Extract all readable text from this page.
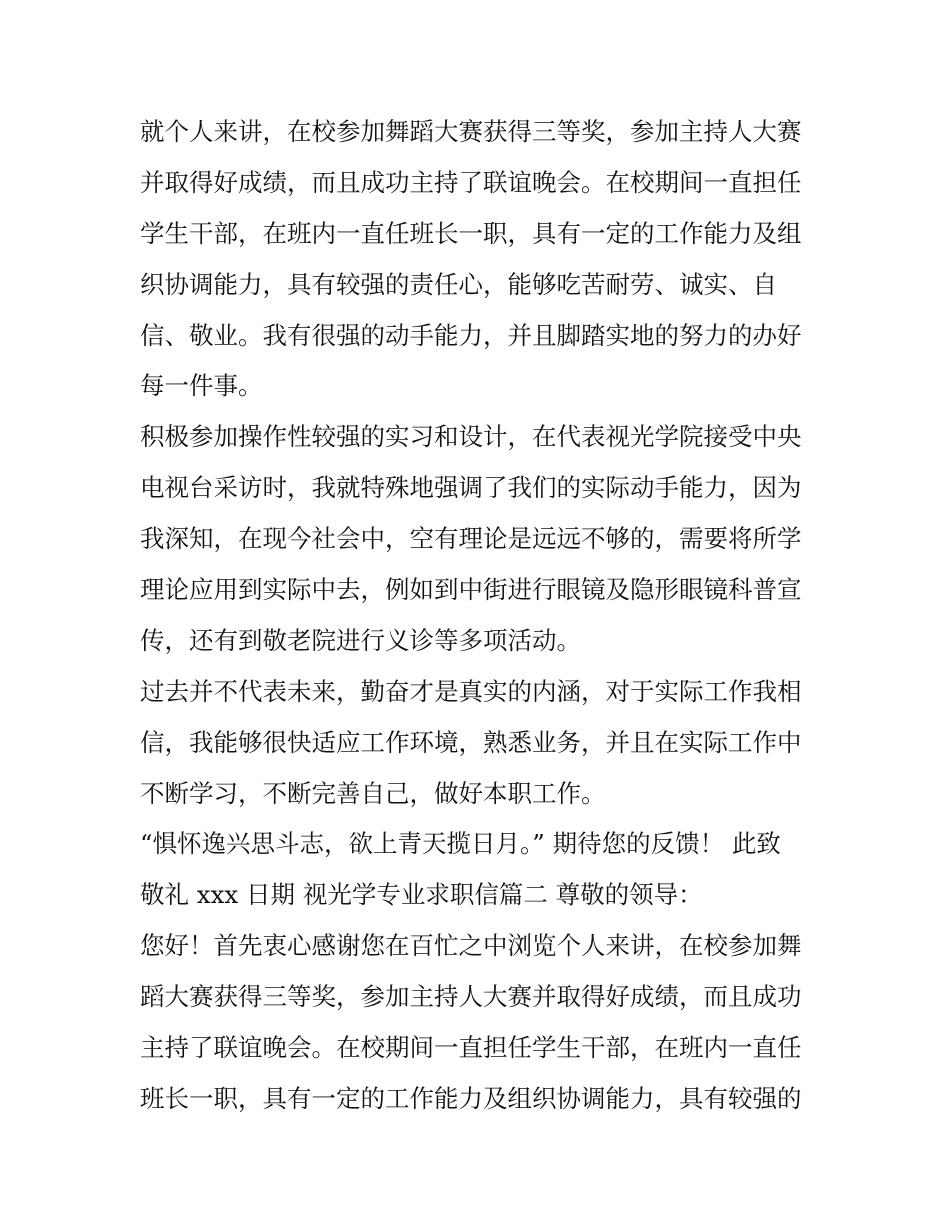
就个人来讲，在校参加舞蹈大赛获得三等奖，参加主持人大赛
并取得好成绩，而且成功主持了联谊晚会。在校期间一直担任
学生干部，在班内一直任班长一职，具有一定的工作能力及组
织协调能力，具有较强的责任心，能够吃苦耐劳、诚实、自
信、敬业。我有很强的动手能力，并且脚踏实地的努力的办好
每一件事。
积极参加操作性较强的实习和设计，在代表视光学院接受中央
电视台采访时，我就特殊地强调了我们的实际动手能力，因为
我深知，在现今社会中，空有理论是远远不够的，需要将所学
理论应用到实际中去，例如到中街进行眼镜及隐形眼镜科普宣
传，还有到敬老院进行义诊等多项活动。
过去并不代表未来，勤奋才是真实的内涵，对于实际工作我相
信，我能够很快适应工作环境，熟悉业务，并且在实际工作中
不断学习，不断完善自己，做好本职工作。
“惧怀逸兴思斗志，欲上青天揽日月。” 期待您的反馈！ 此致
敬礼 xxx 日期 视光学专业求职信篇二 尊敬的领导：
您好！首先衷心感谢您在百忙之中浏览个人来讲，在校参加舞
蹈大赛获得三等奖，参加主持人大赛并取得好成绩，而且成功
主持了联谊晚会。在校期间一直担任学生干部，在班内一直任
班长一职，具有一定的工作能力及组织协调能力，具有较强的
